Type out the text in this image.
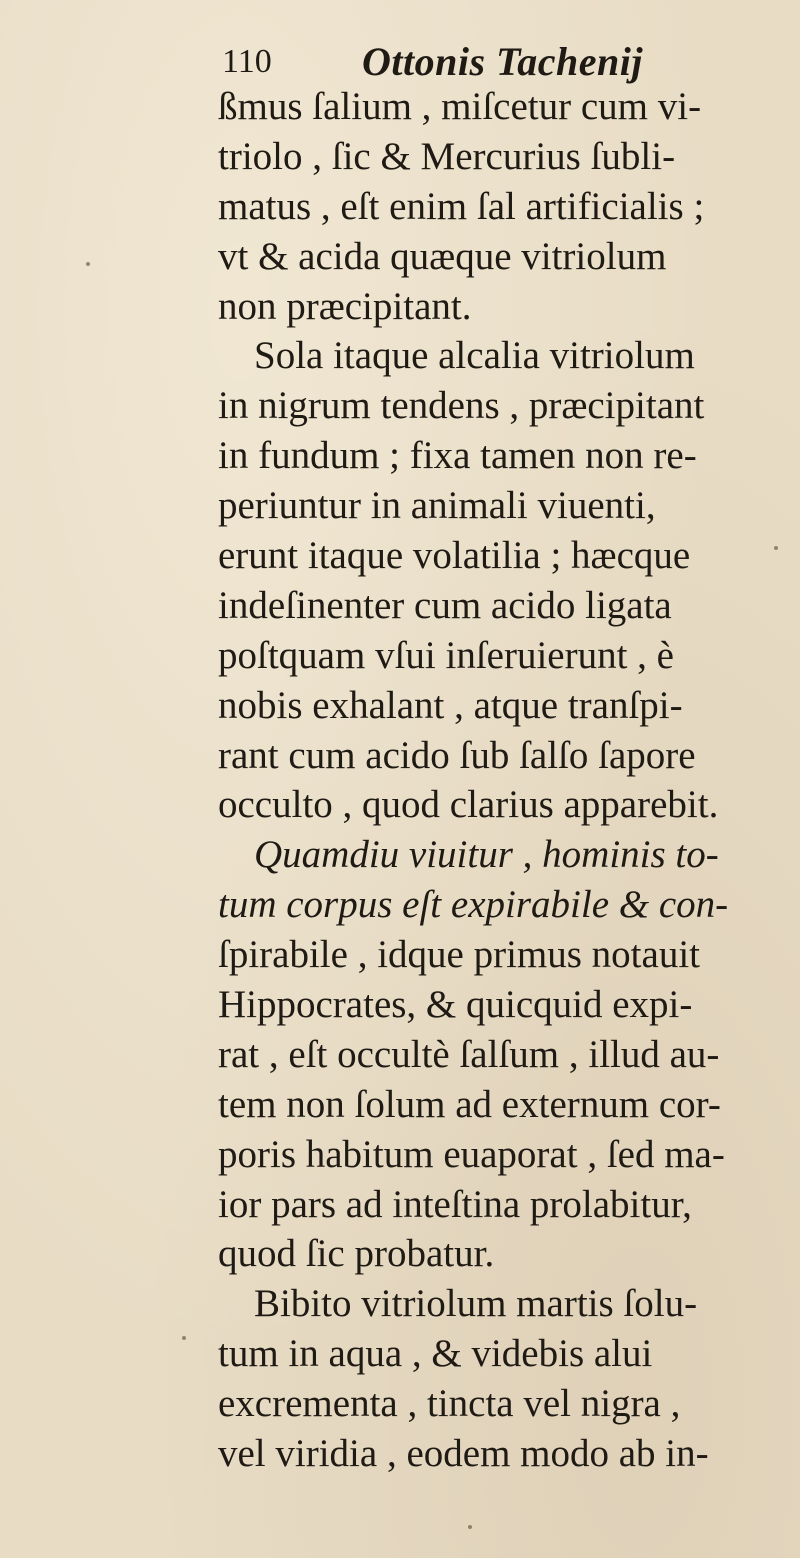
110 Ottonis Tachenij
ßmus ſalium , miſcetur cum vi-
triolo , ſic & Mercurius ſubli-
matus , eſt enim ſal artificialis ;
vt & acida quæque vitriolum
non præcipitant.
Sola itaque alcalia vitriolum
in nigrum tendens , præcipitant
in fundum ; fixa tamen non re-
periuntur in animali viuenti,
erunt itaque volatilia ; hæcque
indeſinenter cum acido ligata
poſtquam vſui inſeruierunt , è
nobis exhalant , atque tranſpi-
rant cum acido ſub ſalſo ſapore
occulto , quod clarius apparebit.
Quamdiu viuitur , hominis to-
tum corpus eſt expirabile & con-
ſpirabile , idque primus notauit
Hippocrates, & quicquid expi-
rat , eſt occultè ſalſum , illud au-
tem non ſolum ad externum cor-
poris habitum euaporat , ſed ma-
ior pars ad inteſtina prolabitur,
quod ſic probatur.
Bibito vitriolum martis ſolu-
tum in aqua , & videbis alui
excrementa , tincta vel nigra ,
vel viridia , eodem modo ab in-
